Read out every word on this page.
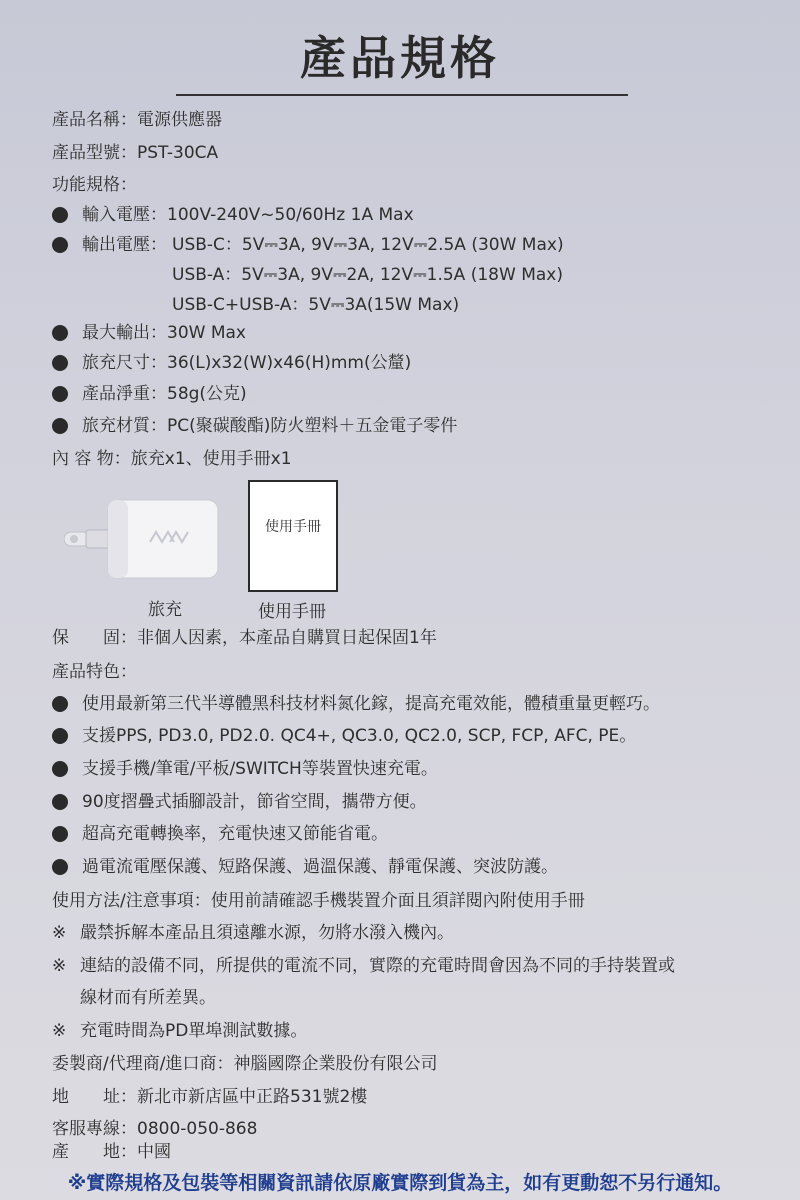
產品規格
產品名稱：電源供應器
產品型號：PST-30CA
功能規格：
輸入電壓：100V-240V~50/60Hz 1A Max
輸出電壓： USB-C：5V⎓3A, 9V⎓3A, 12V⎓2.5A (30W Max)
USB-A：5V⎓3A, 9V⎓2A, 12V⎓1.5A (18W Max)
USB-C+USB-A：5V⎓3A(15W Max)
最大輸出：30W Max
旅充尺寸：36(L)x32(W)x46(H)mm(公釐)
產品淨重：58g(公克)
旅充材質：PC(聚碳酸酯)防火塑料＋五金電子零件
內 容 物：旅充x1、使用手冊x1
使用手冊
旅充	使用手冊
保　　固：非個人因素，本產品自購買日起保固1年
產品特色：
使用最新第三代半導體黑科技材料氮化鎵，提高充電效能，體積重量更輕巧。
支援PPS, PD3.0, PD2.0. QC4+, QC3.0, QC2.0, SCP, FCP, AFC, PE。
支援手機/筆電/平板/SWITCH等裝置快速充電。
90度摺疊式插腳設計，節省空間，攜帶方便。
超高充電轉換率，充電快速又節能省電。
過電流電壓保護、短路保護、過溫保護、靜電保護、突波防護。
使用方法/注意事項：使用前請確認手機裝置介面且須詳閱內附使用手冊
※ 嚴禁拆解本產品且須遠離水源，勿將水潑入機內。
※ 連結的設備不同，所提供的電流不同，實際的充電時間會因為不同的手持裝置或
線材而有所差異。
※ 充電時間為PD單埠測試數據。
委製商/代理商/進口商：神腦國際企業股份有限公司
地　　址：新北市新店區中正路531號2樓
客服專線：0800-050-868
產　　地：中國
※實際規格及包裝等相關資訊請依原廠實際到貨為主，如有更動恕不另行通知。
